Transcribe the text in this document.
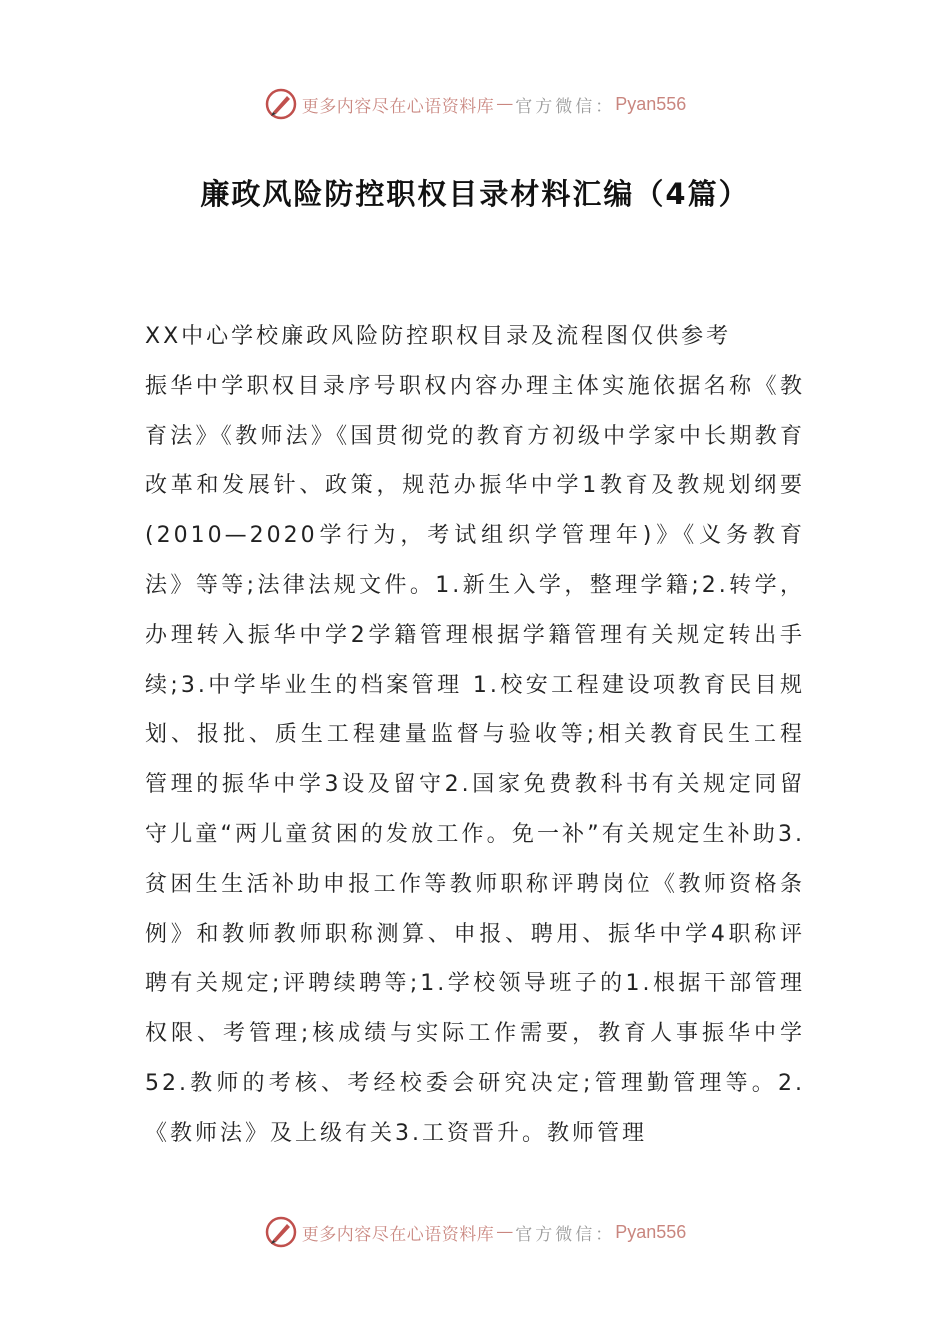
更多内容尽在心语资料库 — 官方微信： Pyan556
廉政风险防控职权目录材料汇编（4篇）

XX中心学校廉政风险防控职权目录及流程图仅供参考

振华中学职权目录序号职权内容办理主体实施依据名称《教育法》《教师法》《国贯彻党的教育方初级中学家中长期教育改革和发展针、政策，规范办振华中学1教育及教规划纲要(2010—2020学行为，考试组织学管理年)》《义务教育法》等等;法律法规文件。1.新生入学，整理学籍;2.转学，办理转入振华中学2学籍管理根据学籍管理有关规定转出手续;3.中学毕业生的档案管理 1.校安工程建设项教育民目规划、报批、质生工程建量监督与验收等;相关教育民生工程管理的振华中学3设及留守2.国家免费教科书有关规定同留守儿童“两儿童贫困的发放工作。免一补”有关规定生补助3.贫困生生活补助申报工作等教师职称评聘岗位《教师资格条例》和教师教师职称测算、申报、聘用、振华中学4职称评聘有关规定;评聘续聘等;1.学校领导班子的1.根据干部管理权限、考管理;核成绩与实际工作需要，教育人事振华中学52.教师的考核、考经校委会研究决定;管理勤管理等。2.《教师法》及上级有关3.工资晋升。教师管理

更多内容尽在心语资料库 — 官方微信： Pyan556
